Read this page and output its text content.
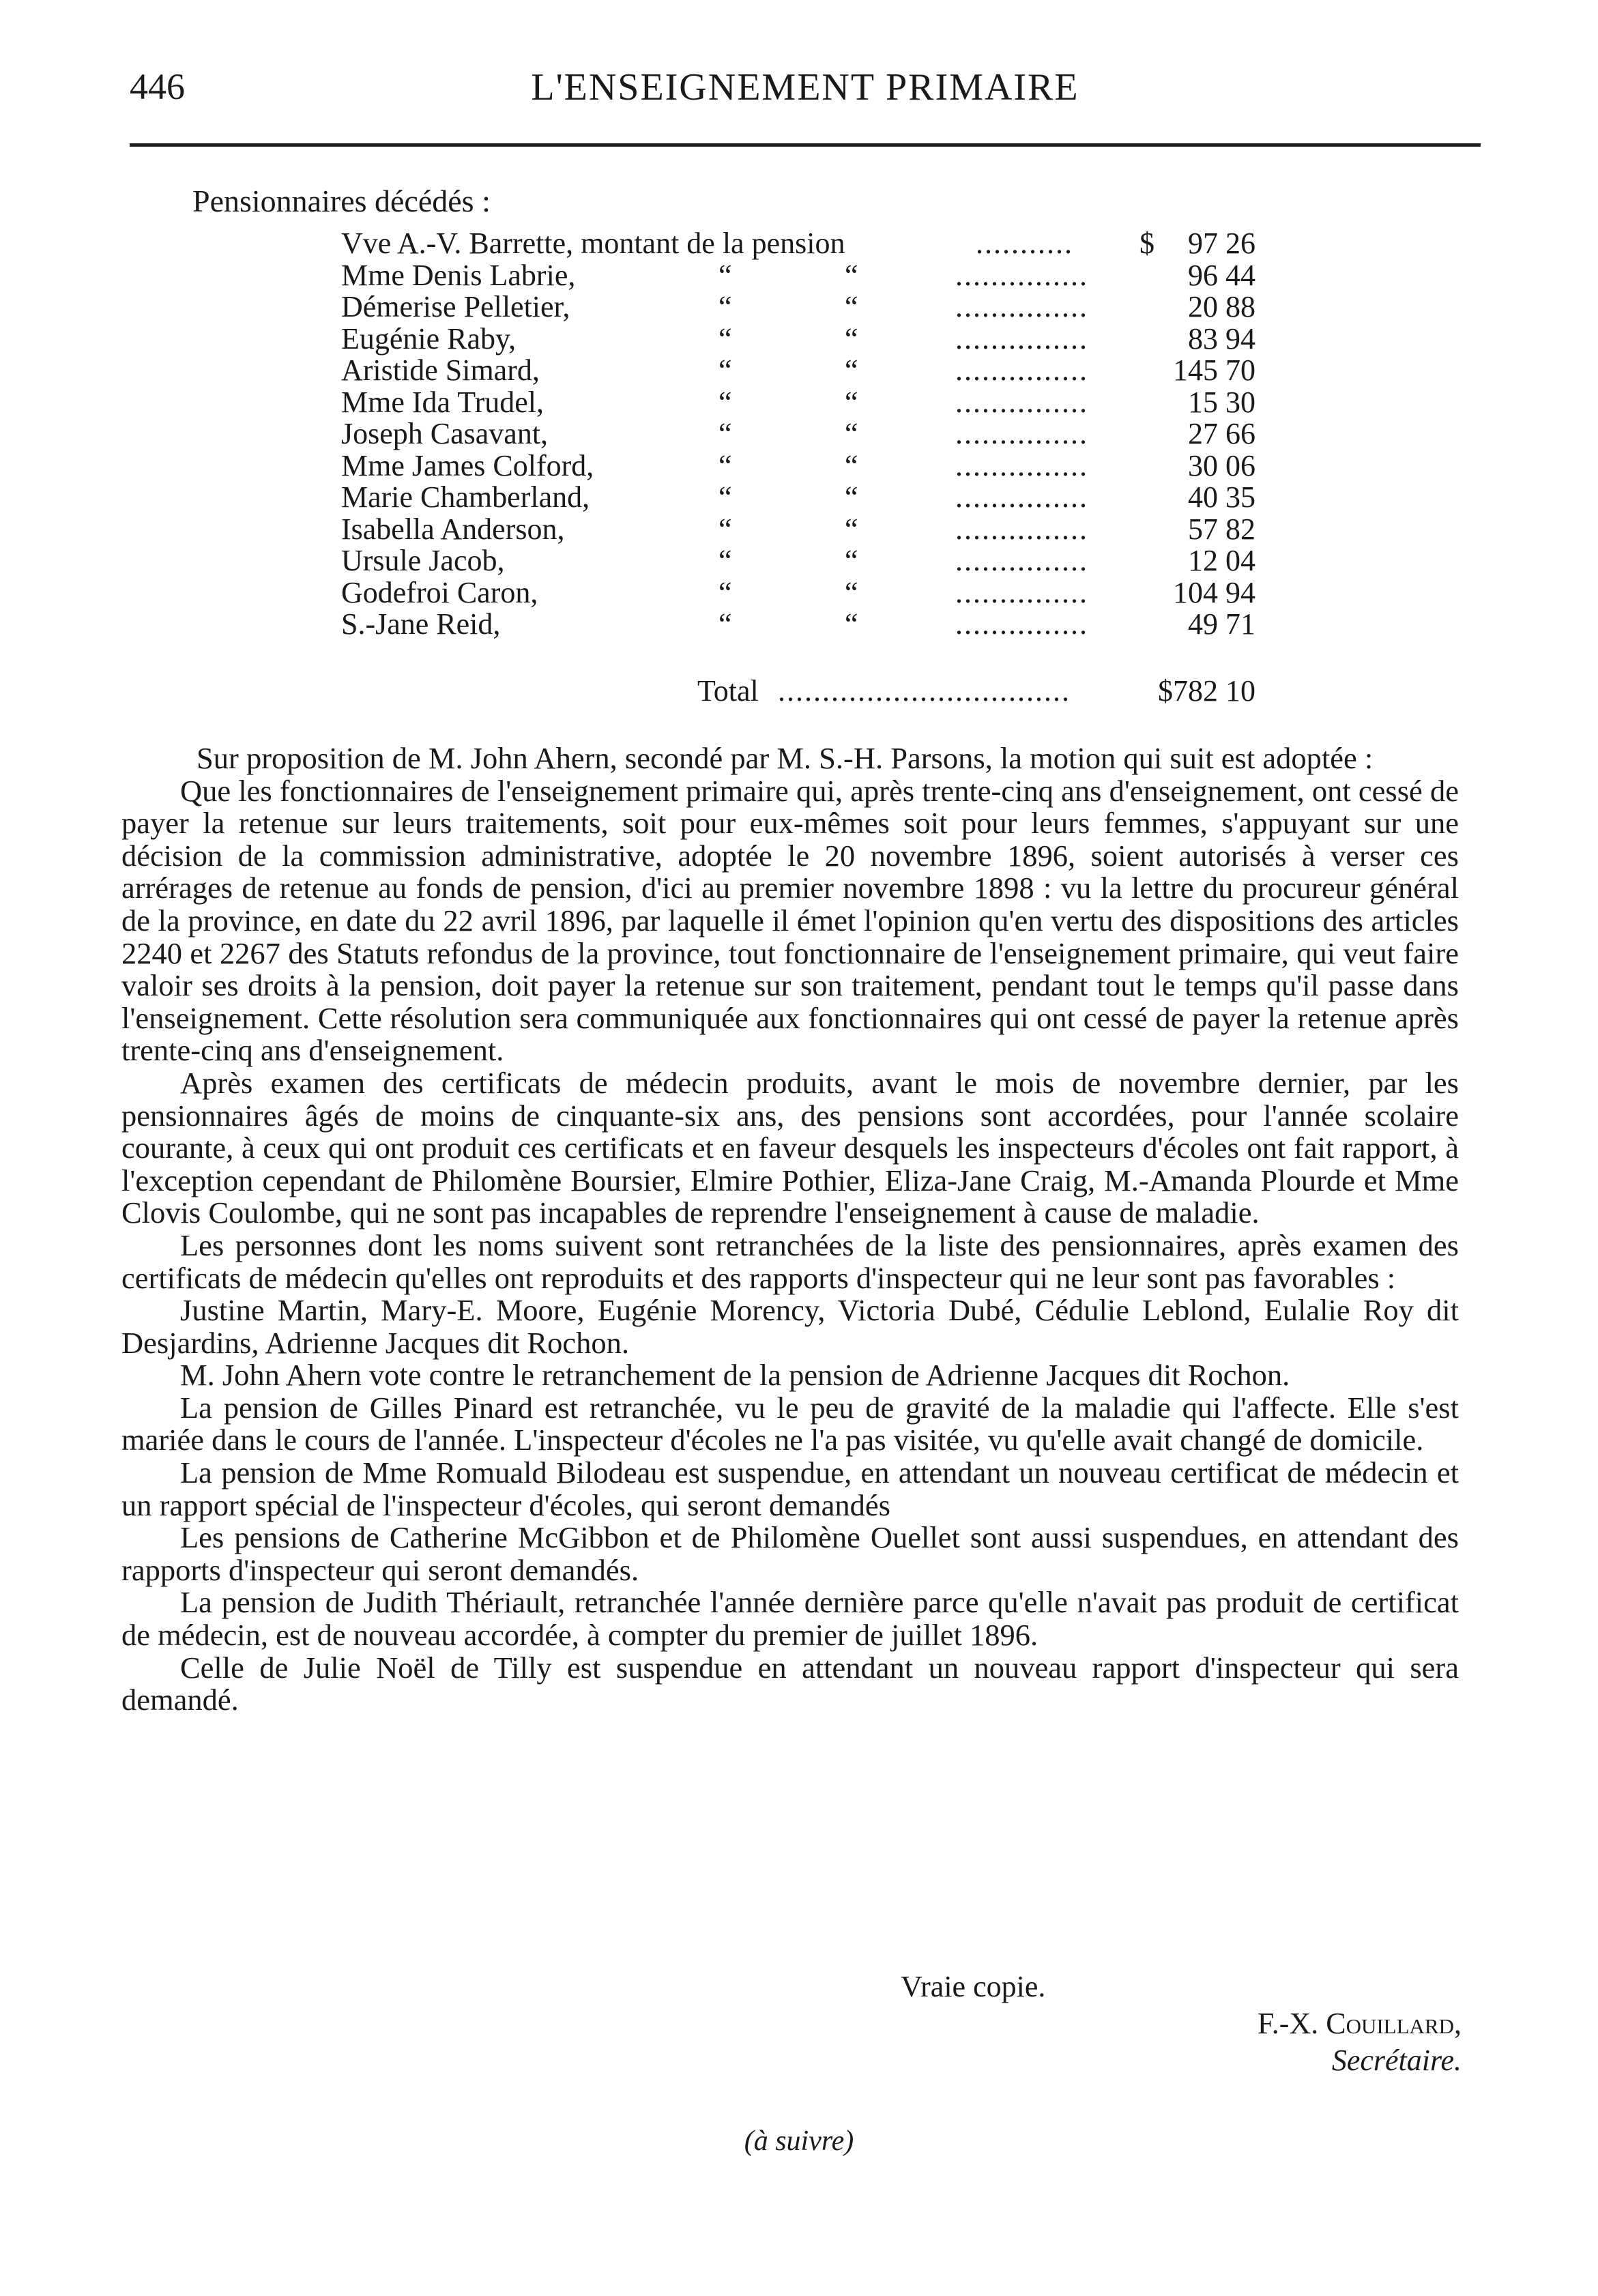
446	L'ENSEIGNEMENT PRIMAIRE
Pensionnaires décédés :
Vve A.-V. Barrette, montant de la pension	...........	$ 97 26
Mme Denis Labrie,	“	“	...............	96 44
Démerise Pelletier,	“	“	...............	20 88
Eugénie Raby,	“	“	...............	83 94
Aristide Simard,	“	“	...............	145 70
Mme Ida Trudel,	“	“	...............	15 30
Joseph Casavant,	“	“	...............	27 66
Mme James Colford,	“	“	...............	30 06
Marie Chamberland,	“	“	...............	40 35
Isabella Anderson,	“	“	...............	57 82
Ursule Jacob,	“	“	...............	12 04
Godefroi Caron,	“	“	...............	104 94
S.-Jane Reid,	“	“	...............	49 71
Total .................................	$782 10

Sur proposition de M. John Ahern, secondé par M. S.-H. Parsons, la motion qui suit est adoptée :

Que les fonctionnaires de l'enseignement primaire qui, après trente-cinq ans d'enseignement, ont cessé de payer la retenue sur leurs traitements, soit pour eux-mêmes soit pour leurs femmes, s'appuyant sur une décision de la commission administrative, adoptée le 20 novembre 1896, soient autorisés à verser ces arrérages de retenue au fonds de pension, d'ici au premier novembre 1898 : vu la lettre du procureur général de la province, en date du 22 avril 1896, par laquelle il émet l'opinion qu'en vertu des dispositions des articles 2240 et 2267 des Statuts refondus de la province, tout fonctionnaire de l'enseignement primaire, qui veut faire valoir ses droits à la pension, doit payer la retenue sur son traitement, pendant tout le temps qu'il passe dans l'enseignement. Cette résolution sera communiquée aux fonctionnaires qui ont cessé de payer la retenue après trente-cinq ans d'enseignement.

Après examen des certificats de médecin produits, avant le mois de novembre dernier, par les pensionnaires âgés de moins de cinquante-six ans, des pensions sont accordées, pour l'année scolaire courante, à ceux qui ont produit ces certificats et en faveur desquels les inspecteurs d'écoles ont fait rapport, à l'exception cependant de Philomène Boursier, Elmire Pothier, Eliza-Jane Craig, M.-Amanda Plourde et Mme Clovis Coulombe, qui ne sont pas incapables de reprendre l'enseignement à cause de maladie.

Les personnes dont les noms suivent sont retranchées de la liste des pensionnaires, après examen des certificats de médecin qu'elles ont reproduits et des rapports d'inspecteur qui ne leur sont pas favorables :

Justine Martin, Mary-E. Moore, Eugénie Morency, Victoria Dubé, Cédulie Leblond, Eulalie Roy dit Desjardins, Adrienne Jacques dit Rochon.

M. John Ahern vote contre le retranchement de la pension de Adrienne Jacques dit Rochon.

La pension de Gilles Pinard est retranchée, vu le peu de gravité de la maladie qui l'affecte. Elle s'est mariée dans le cours de l'année. L'inspecteur d'écoles ne l'a pas visitée, vu qu'elle avait changé de domicile.

La pension de Mme Romuald Bilodeau est suspendue, en attendant un nouveau certificat de médecin et un rapport spécial de l'inspecteur d'écoles, qui seront demandés

Les pensions de Catherine McGibbon et de Philomène Ouellet sont aussi suspendues, en attendant des rapports d'inspecteur qui seront demandés.

La pension de Judith Thériault, retranchée l'année dernière parce qu'elle n'avait pas produit de certificat de médecin, est de nouveau accordée, à compter du premier de juillet 1896.

Celle de Julie Noël de Tilly est suspendue en attendant un nouveau rapport d'inspecteur qui sera demandé.

Vraie copie.
F.-X. Couillard,
Secrétaire.
(à suivre)
